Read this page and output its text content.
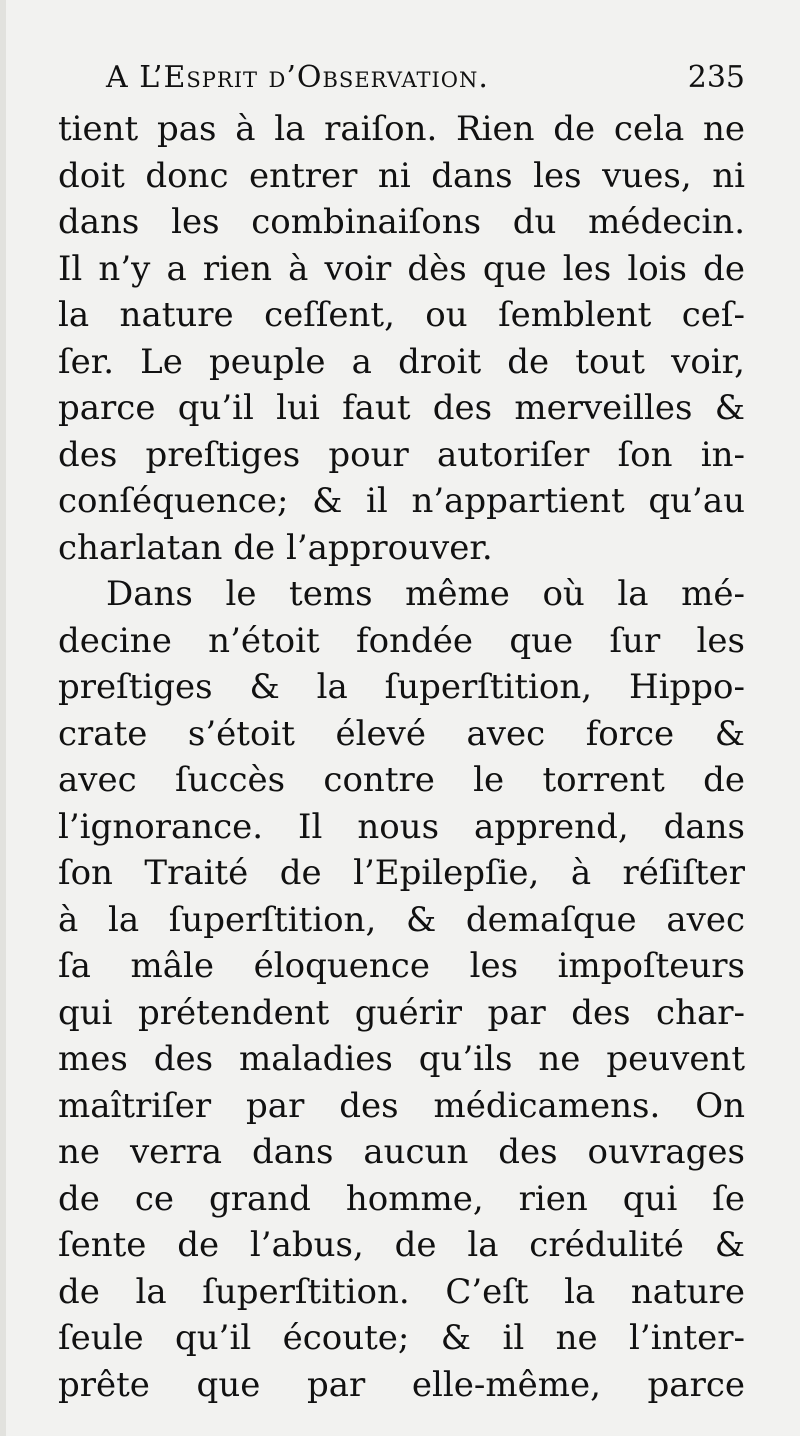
A L’Esprit d’Observation.	235
tient pas à la raiſon. Rien de cela ne
doit donc entrer ni dans les vues, ni
dans les combinaiſons du médecin.
Il n’y a rien à voir dès que les lois de
la nature ceſſent, ou ſemblent ceſ-
ſer. Le peuple a droit de tout voir,
parce qu’il lui faut des merveilles &
des preſtiges pour autoriſer ſon in-
conſéquence; & il n’appartient qu’au
charlatan de l’approuver.
Dans le tems même où la mé-
decine n’étoit fondée que ſur les
preſtiges & la ſuperſtition, Hippo-
crate s’étoit élevé avec force &
avec ſuccès contre le torrent de
l’ignorance. Il nous apprend, dans
ſon Traité de l’Epilepſie, à réſiſter
à la ſuperſtition, & demaſque avec
ſa mâle éloquence les impoſteurs
qui prétendent guérir par des char-
mes des maladies qu’ils ne peuvent
maîtriſer par des médicamens. On
ne verra dans aucun des ouvrages
de ce grand homme, rien qui ſe
ſente de l’abus, de la crédulité &
de la ſuperſtition. C’eſt la nature
ſeule qu’il écoute; & il ne l’inter-
prête que par elle-même, parce
